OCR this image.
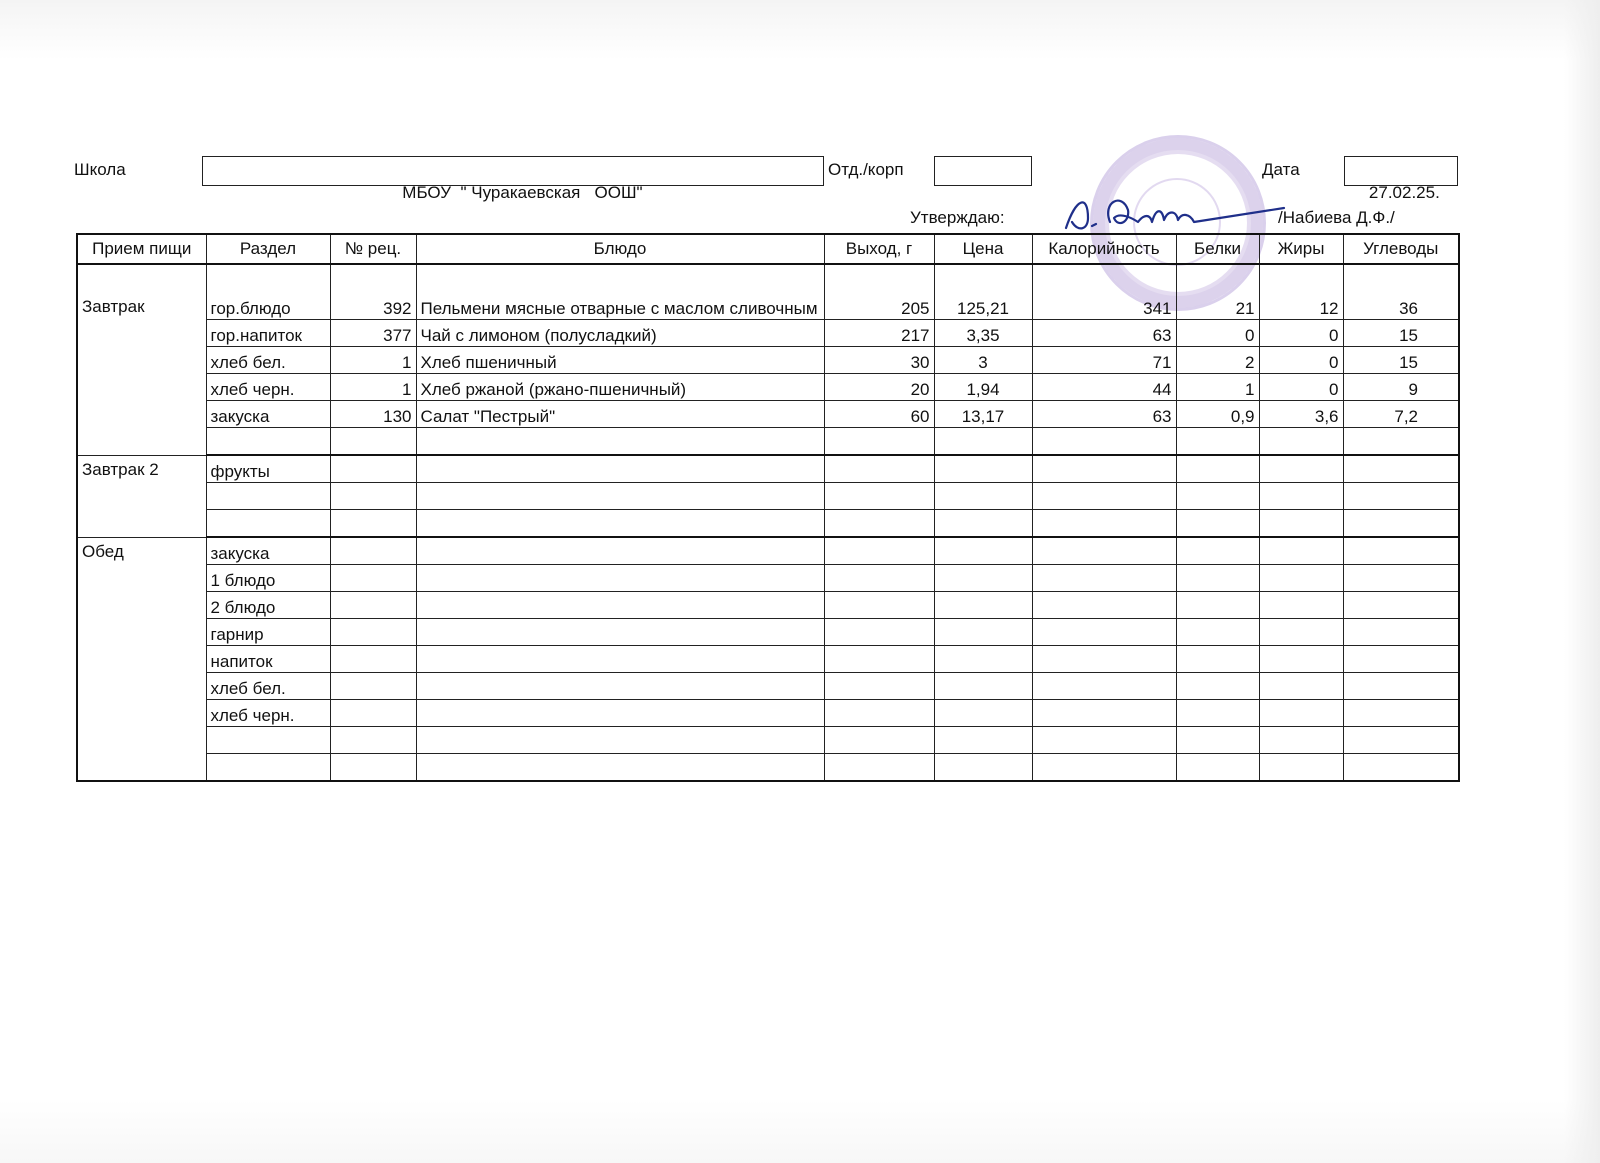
Школа

МБОУ  " Чуракаевская   ООШ"

Отд./корп

	Дата

27.02.25.

Утверждаю:	/Набиева Д.Ф./
Прием пищи	Раздел	№ рец.	Блюдо	Выход, г	Цена	Калорийность	Белки	Жиры	Углеводы
Завтрак	гор.блюдо	392	Пельмени мясные отварные с маслом сливочным	205	125,21	341	21	12	36
	гор.напиток	377	Чай с лимоном (полусладкий)	217	3,35	63	0	0	15
	хлеб бел.	1	Хлеб пшеничный	30	3	71	2	0	15
	хлеб черн.	1	Хлеб ржаной (ржано-пшеничный)	20	1,94	44	1	0	9
	закуска	130	Салат "Пестрый"	60	13,17	63	0,9	3,6	7,2

Завтрак 2	фрукты								

Обед	закуска								
	1 блюдо								
	2 блюдо								
	гарнир								
	напиток								
	хлеб бел.								
	хлеб черн.								
